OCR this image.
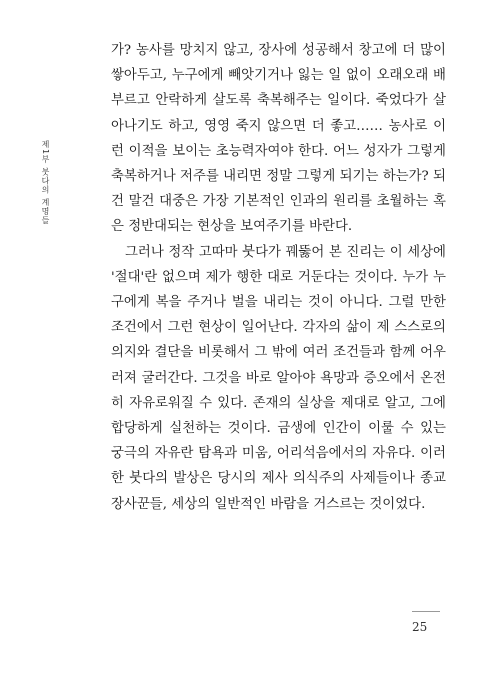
제1부 붓다의 계명들

가? 농사를 망치지 않고, 장사에 성공해서 창고에 더 많이 쌓아두고, 누구에게 빼앗기거나 잃는 일 없이 오래오래 배부르고 안락하게 살도록 축복해주는 일이다. 죽었다가 살아나기도 하고, 영영 죽지 않으면 더 좋고…… 농사로 이런 이적을 보이는 초능력자여야 한다. 어느 성자가 그렇게 축복하거나 저주를 내리면 정말 그렇게 되기는 하는가? 되건 말건 대중은 가장 기본적인 인과의 원리를 초월하는 혹은 정반대되는 현상을 보여주기를 바란다.

그러나 정작 고따마 붓다가 꿰뚫어 본 진리는 이 세상에 '절대'란 없으며 제가 행한 대로 거둔다는 것이다. 누가 누구에게 복을 주거나 벌을 내리는 것이 아니다. 그럴 만한 조건에서 그런 현상이 일어난다. 각자의 삶이 제 스스로의 의지와 결단을 비롯해서 그 밖에 여러 조건들과 함께 어우러져 굴러간다. 그것을 바로 알아야 욕망과 증오에서 온전히 자유로워질 수 있다. 존재의 실상을 제대로 알고, 그에 합당하게 실천하는 것이다. 금생에 인간이 이룰 수 있는 궁극의 자유란 탐욕과 미움, 어리석음에서의 자유다. 이러한 붓다의 발상은 당시의 제사 의식주의 사제들이나 종교 장사꾼들, 세상의 일반적인 바람을 거스르는 것이었다.

25
